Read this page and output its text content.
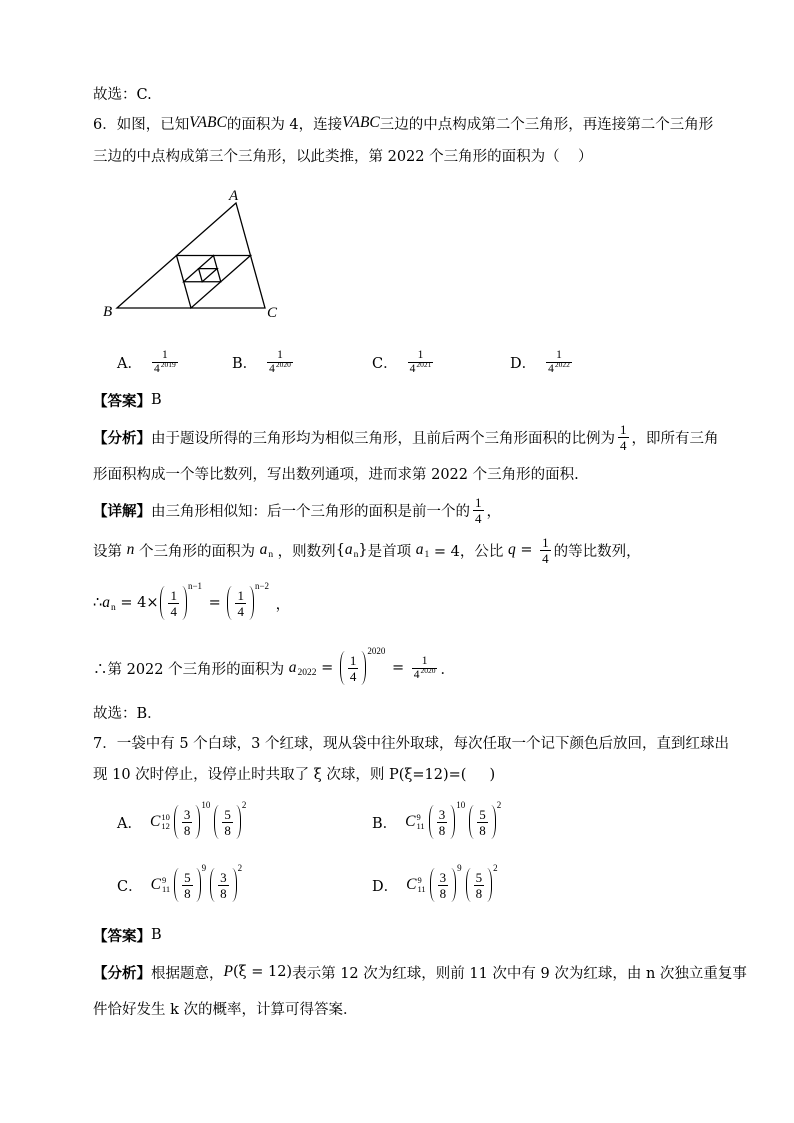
故选：C.
6． 如图，已知 VABC 的面积为 4，连接 VABC 三边的中点构成第二个三角形，再连接第二个三角形
三边的中点构成第三个三角形，以此类推，第 2022 个三角形的面积为（    ）
A
B	C
A． $\frac{1}{4^{2019}}$	B． $\frac{1}{4^{2020}}$	C． $\frac{1}{4^{2021}}$	D． $\frac{1}{4^{2022}}$
【答案】 B
【分析】 由于题设所得的三角形均为相似三角形，且前后两个三角形面积的比例为 $\frac{1}{4}$ ，即所有三角
形面积构成一个等比数列，写出数列通项，进而求第 2022 个三角形的面积.
【详解】 由三角形相似知：后一个三角形的面积是前一个的 $\frac{1}{4}$ ，
设第 n 个三角形的面积为 a n ，则数列 { a n } 是首项 a 1 = 4，公比 $q = \frac{1}{4}$ 的等比数列，
∴ a $n = 4\times \frac{1}{4}$
n−1
= $\frac{1}{4}$
n−2
，
∴第 2022 个三角形的面积为 a $2022 = \frac{1}{4}$
2020
= $\frac{1}{4^{2020}}$ ．
故选：B．
7． 一袋中有 5 个白球，3 个红球，现从袋中往外取球，每次任取一个记下颜色后放回，直到红球出
现 10 次时停止，设停止时共取了 ξ 次球，则 P(ξ=12)=(     )
A． C 10
$12 \frac{3}{8}$
10
$\frac{5}{8}$
2
B． C 9
$11 \frac{3}{8}$
10
$\frac{5}{8}$
2
C． C 9
$11 \frac{5}{8}$
9
$\frac{3}{8}$
2
D． C 9
$11 \frac{3}{8}$
9
$\frac{5}{8}$
2
【答案】 B
【分析】 根据题意， P (ξ = 12) 表示第 12 次为红球，则前 11 次中有 9 次为红球，由 n 次独立重复事
件恰好发生 k 次的概率，计算可得答案．
